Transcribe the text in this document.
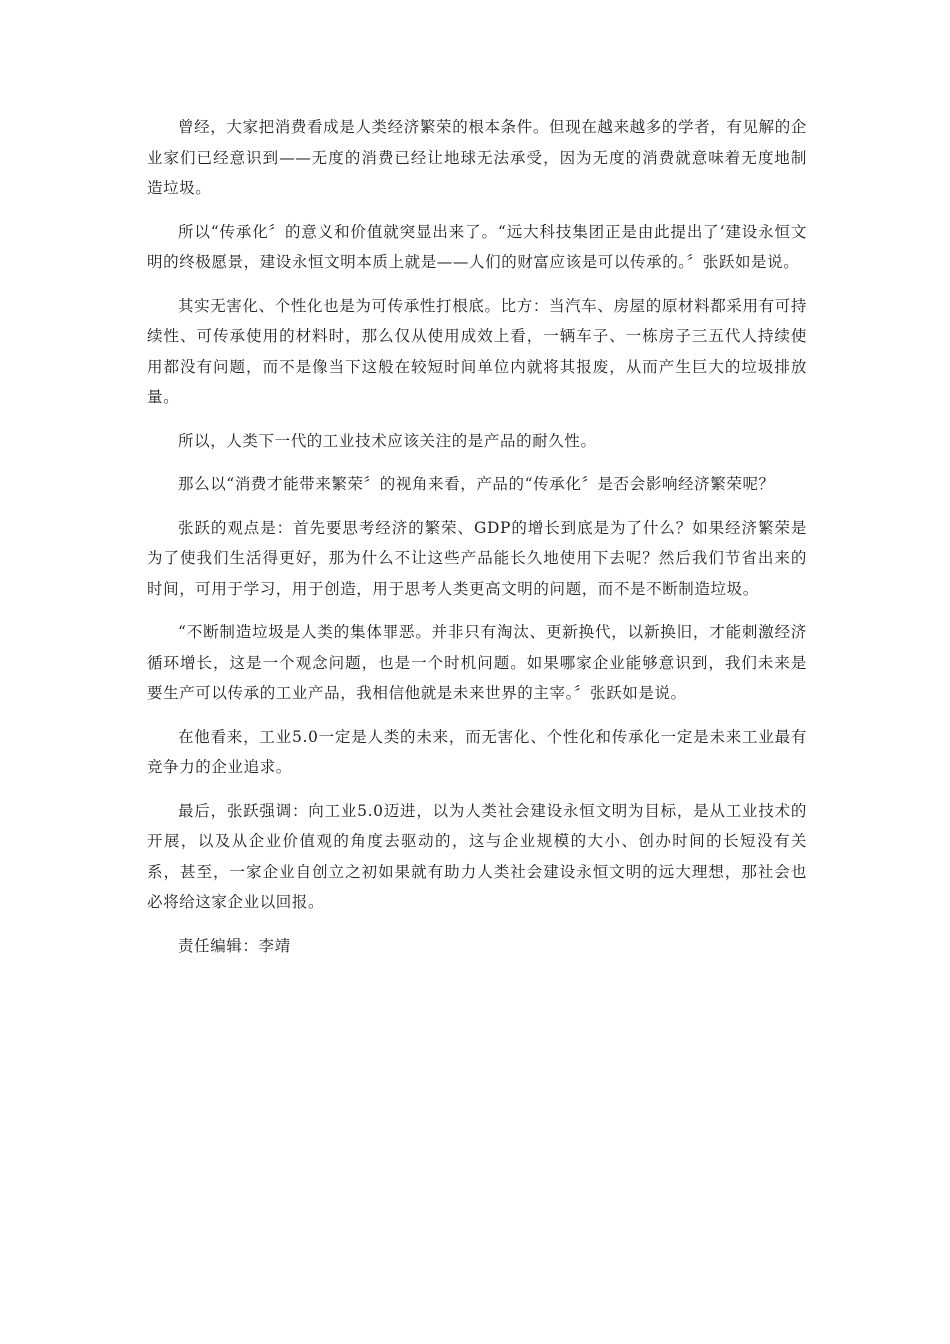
曾经，大家把消费看成是人类经济繁荣的根本条件。但现在越来越多的学者，有见解的企业家们已经意识到——无度的消费已经让地球无法承受，因为无度的消费就意味着无度地制造垃圾。

所以“传承化〞的意义和价值就突显出来了。“远大科技集团正是由此提出了‘建设永恒文明的终极愿景，建设永恒文明本质上就是——人们的财富应该是可以传承的。〞张跃如是说。

其实无害化、个性化也是为可传承性打根底。比方：当汽车、房屋的原材料都采用有可持续性、可传承使用的材料时，那么仅从使用成效上看，一辆车子、一栋房子三五代人持续使用都没有问题，而不是像当下这般在较短时间单位内就将其报废，从而产生巨大的垃圾排放量。

所以，人类下一代的工业技术应该关注的是产品的耐久性。

那么以“消费才能带来繁荣〞的视角来看，产品的“传承化〞是否会影响经济繁荣呢？

张跃的观点是：首先要思考经济的繁荣、GDP的增长到底是为了什么？如果经济繁荣是为了使我们生活得更好，那为什么不让这些产品能长久地使用下去呢？然后我们节省出来的时间，可用于学习，用于创造，用于思考人类更高文明的问题，而不是不断制造垃圾。

“不断制造垃圾是人类的集体罪恶。并非只有淘汰、更新换代，以新换旧，才能刺激经济循环增长，这是一个观念问题，也是一个时机问题。如果哪家企业能够意识到，我们未来是要生产可以传承的工业产品，我相信他就是未来世界的主宰。〞张跃如是说。

在他看来，工业5.0一定是人类的未来，而无害化、个性化和传承化一定是未来工业最有竞争力的企业追求。

最后，张跃强调：向工业5.0迈进，以为人类社会建设永恒文明为目标，是从工业技术的开展，以及从企业价值观的角度去驱动的，这与企业规模的大小、创办时间的长短没有关系，甚至，一家企业自创立之初如果就有助力人类社会建设永恒文明的远大理想，那社会也必将给这家企业以回报。

责任编辑：李靖
